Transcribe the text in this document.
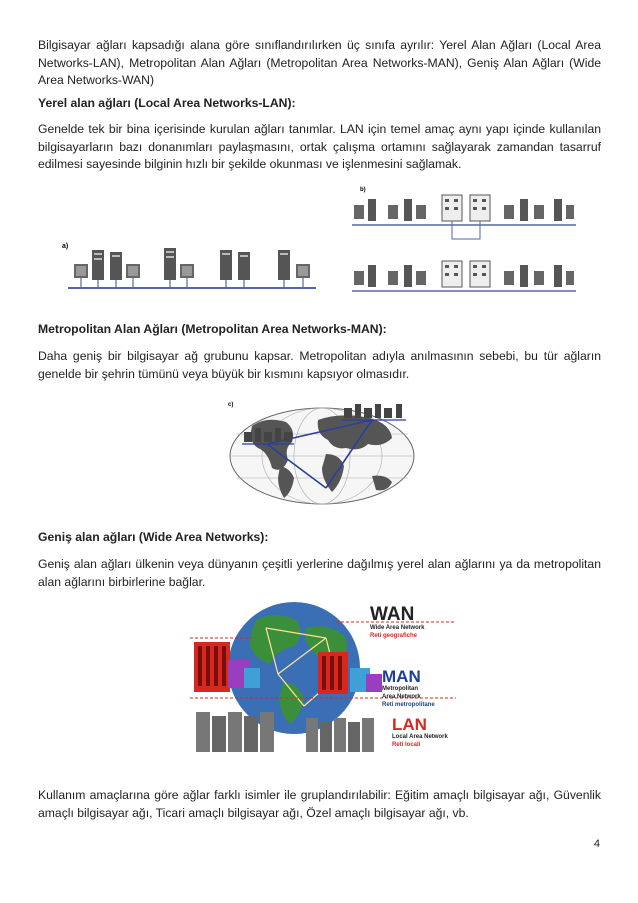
Bilgisayar ağları kapsadığı alana göre sınıflandırılırken üç sınıfa ayrılır: Yerel Alan Ağları (Local Area Networks-LAN), Metropolitan Alan Ağları (Metropolitan Area Networks-MAN), Geniş Alan Ağları (Wide Area Networks-WAN)

Yerel alan ağları (Local Area Networks-LAN):

Genelde tek bir bina içerisinde kurulan ağları tanımlar. LAN için temel amaç aynı yapı içinde kullanılan bilgisayarların bazı donanımları paylaşmasını, ortak çalışma ortamını sağlayarak zamandan tasarruf edilmesi sayesinde bilginin hızlı bir şekilde okunması ve işlenmesini sağlamak.

a)
b)

Metropolitan Alan Ağları (Metropolitan Area Networks-MAN):

Daha geniş bir bilgisayar ağ grubunu kapsar. Metropolitan adıyla anılmasının sebebi, bu tür ağların genelde bir şehrin tümünü veya büyük bir kısmını kapsıyor olmasıdır.

c)

Geniş alan ağları (Wide Area Networks):

Geniş alan ağları ülkenin veya dünyanın çeşitli yerlerine dağılmış yerel alan ağlarını ya da metropolitan alan ağlarını birbirlerine bağlar.

WAN
Wide Area Network
Reti geografiche
MAN
Metropolitan
Area Network
Reti metropolitane
LAN
Local Area Network
Reti locali

Kullanım amaçlarına göre ağlar farklı isimler ile gruplandırılabilir: Eğitim amaçlı bilgisayar ağı, Güvenlik amaçlı bilgisayar ağı, Ticari amaçlı bilgisayar ağı, Özel amaçlı bilgisayar ağı, vb.

4
